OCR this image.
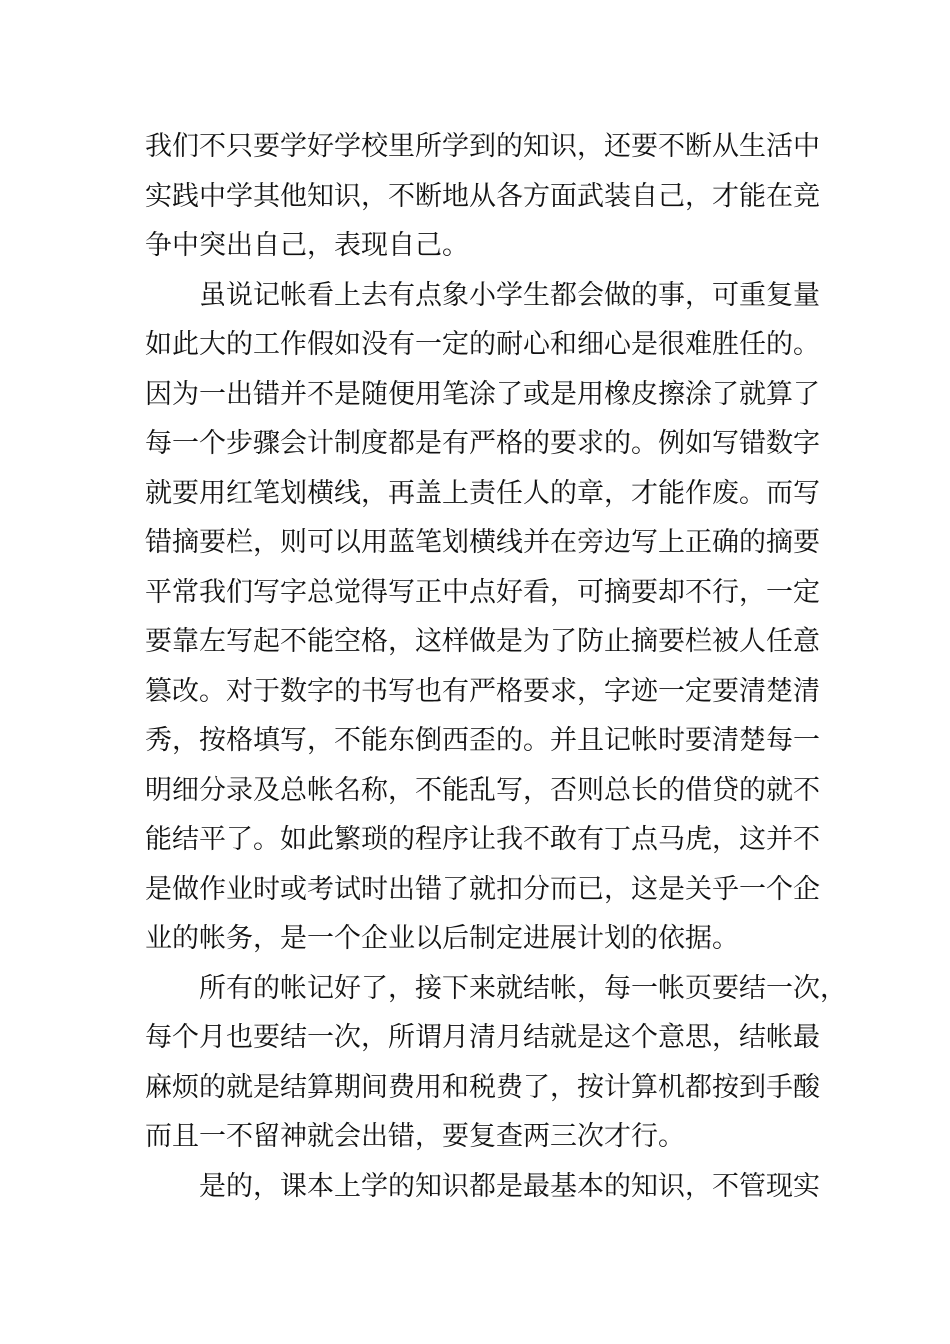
我们不只要学好学校里所学到的知识，还要不断从生活中
实践中学其他知识，不断地从各方面武装自己，才能在竞
争中突出自己，表现自己。
虽说记帐看上去有点象小学生都会做的事，可重复量
如此大的工作假如没有一定的耐心和细心是很难胜任的。
因为一出错并不是随便用笔涂了或是用橡皮擦涂了就算了
每一个步骤会计制度都是有严格的要求的。例如写错数字
就要用红笔划横线，再盖上责任人的章，才能作废。而写
错摘要栏，则可以用蓝笔划横线并在旁边写上正确的摘要
平常我们写字总觉得写正中点好看，可摘要却不行，一定
要靠左写起不能空格，这样做是为了防止摘要栏被人任意
篡改。对于数字的书写也有严格要求，字迹一定要清楚清
秀，按格填写，不能东倒西歪的。并且记帐时要清楚每一
明细分录及总帐名称，不能乱写，否则总长的借贷的就不
能结平了。如此繁琐的程序让我不敢有丁点马虎，这并不
是做作业时或考试时出错了就扣分而已，这是关乎一个企
业的帐务，是一个企业以后制定进展计划的依据。
所有的帐记好了，接下来就结帐，每一帐页要结一次，
每个月也要结一次，所谓月清月结就是这个意思，结帐最
麻烦的就是结算期间费用和税费了，按计算机都按到手酸
而且一不留神就会出错，要复查两三次才行。
是的，课本上学的知识都是最基本的知识，不管现实
